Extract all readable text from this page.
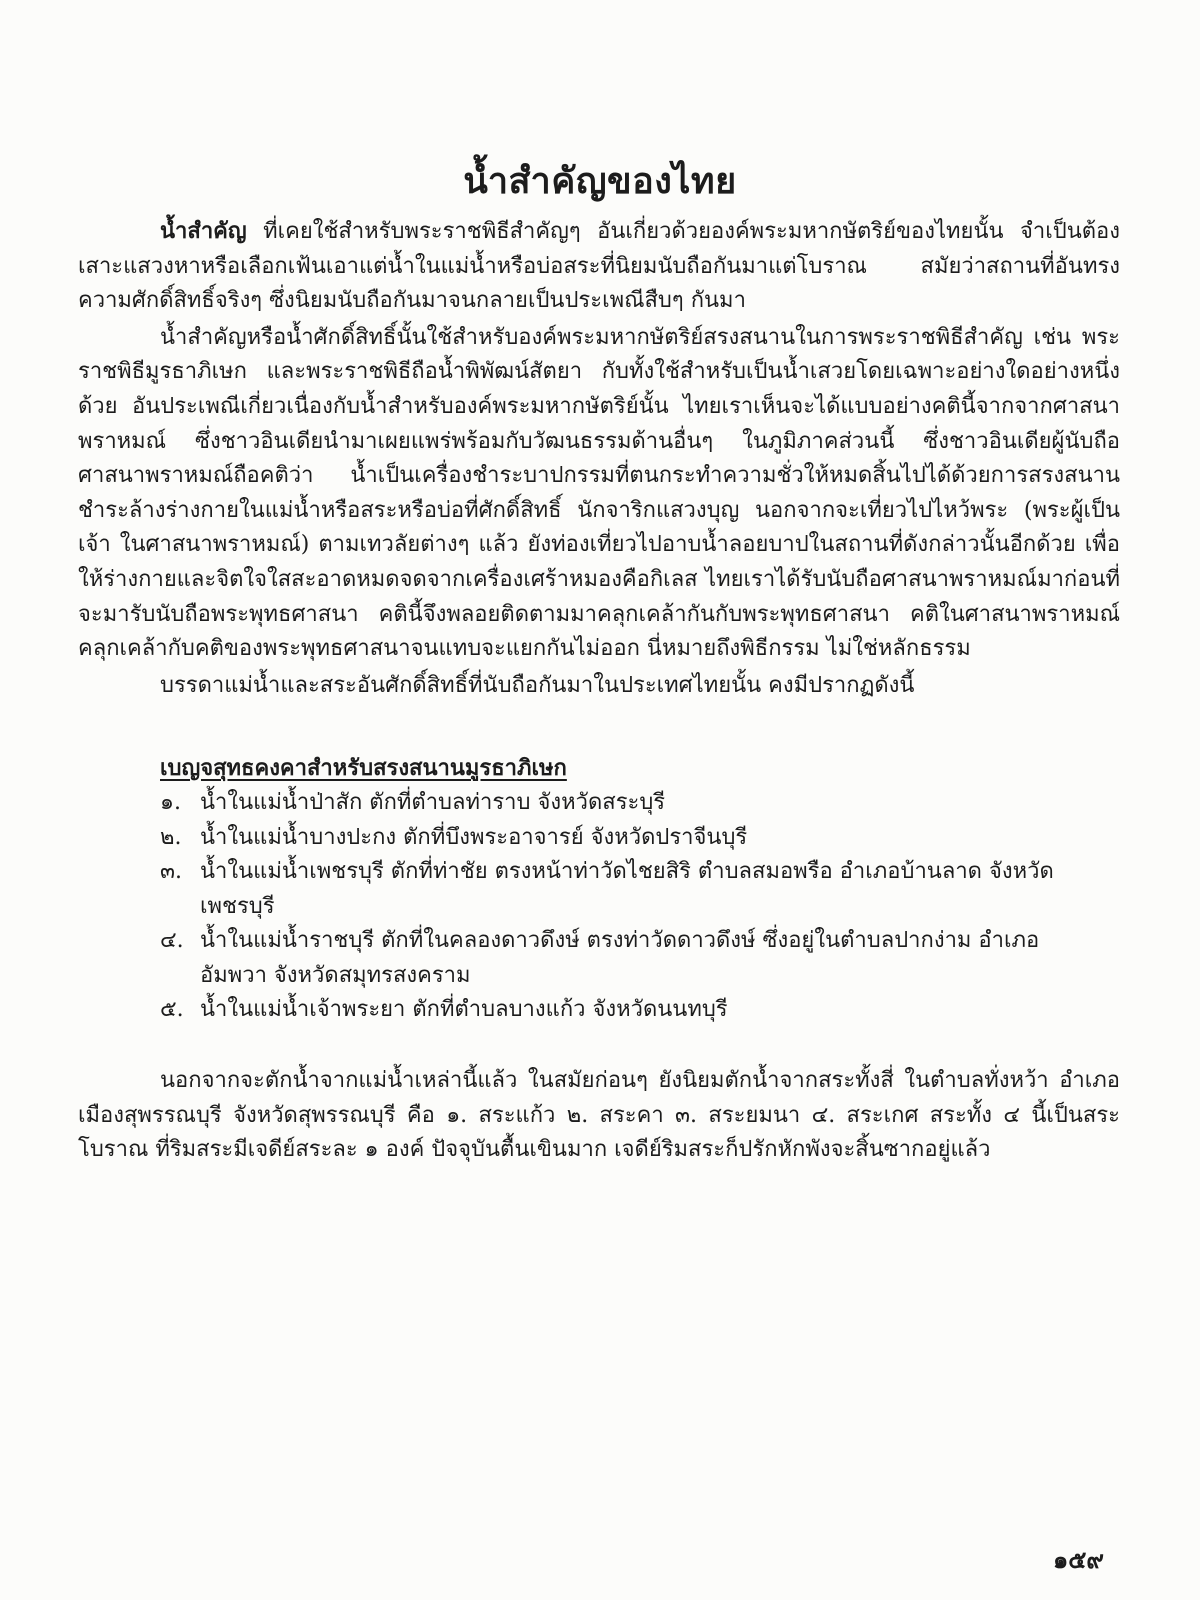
น้ำสำคัญของไทย

น้ำสำคัญ ที่เคยใช้สำหรับพระราชพิธีสำคัญๆ อันเกี่ยวด้วยองค์พระมหากษัตริย์ของไทยนั้น จำเป็นต้องเสาะแสวงหาหรือเลือกเฟ้นเอาแต่น้ำในแม่น้ำหรือบ่อสระที่นิยมนับถือกันมาแต่โบราณ สมัยว่าสถานที่อันทรงความศักดิ์สิทธิ์จริงๆ ซึ่งนิยมนับถือกันมาจนกลายเป็นประเพณีสืบๆ กันมา

น้ำสำคัญหรือน้ำศักดิ์สิทธิ์นั้นใช้สำหรับองค์พระมหากษัตริย์สรงสนานในการพระราชพิธีสำคัญ เช่น พระราชพิธีมูรธาภิเษก และพระราชพิธีถือน้ำพิพัฒน์สัตยา กับทั้งใช้สำหรับเป็นน้ำเสวยโดยเฉพาะอย่างใดอย่างหนึ่งด้วย อันประเพณีเกี่ยวเนื่องกับน้ำสำหรับองค์พระมหากษัตริย์นั้น ไทยเราเห็นจะได้แบบอย่างคตินี้จากจากศาสนาพราหมณ์ ซึ่งชาวอินเดียนำมาเผยแพร่พร้อมกับวัฒนธรรมด้านอื่นๆ ในภูมิภาคส่วนนี้ ซึ่งชาวอินเดียผู้นับถือศาสนาพราหมณ์ถือคติว่า น้ำเป็นเครื่องชำระบาปกรรมที่ตนกระทำความชั่วให้หมดสิ้นไปได้ด้วยการสรงสนานชำระล้างร่างกายในแม่น้ำหรือสระหรือบ่อที่ศักดิ์สิทธิ์ นักจาริกแสวงบุญ นอกจากจะเที่ยวไปไหว้พระ (พระผู้เป็นเจ้า ในศาสนาพราหมณ์) ตามเทวลัยต่างๆ แล้ว ยังท่องเที่ยวไปอาบน้ำลอยบาปในสถานที่ดังกล่าวนั้นอีกด้วย เพื่อให้ร่างกายและจิตใจใสสะอาดหมดจดจากเครื่องเศร้าหมองคือกิเลส ไทยเราได้รับนับถือศาสนาพราหมณ์มาก่อนที่จะมารับนับถือพระพุทธศาสนา คตินี้จึงพลอยติดตามมาคลุกเคล้ากันกับพระพุทธศาสนา คติในศาสนาพราหมณ์คลุกเคล้ากับคติของพระพุทธศาสนาจนแทบจะแยกกันไม่ออก นี่หมายถึงพิธีกรรม ไม่ใช่หลักธรรม

บรรดาแม่น้ำและสระอันศักดิ์สิทธิ์ที่นับถือกันมาในประเทศไทยนั้น คงมีปรากฏดังนี้

เบญจสุทธคงคาสำหรับสรงสนานมูรธาภิเษก
๑. น้ำในแม่น้ำป่าสัก ตักที่ตำบลท่าราบ จังหวัดสระบุรี
๒. น้ำในแม่น้ำบางปะกง ตักที่บึงพระอาจารย์ จังหวัดปราจีนบุรี
๓. น้ำในแม่น้ำเพชรบุรี ตักที่ท่าชัย ตรงหน้าท่าวัดไชยสิริ ตำบลสมอพรือ อำเภอบ้านลาด จังหวัดเพชรบุรี
๔. น้ำในแม่น้ำราชบุรี ตักที่ในคลองดาวดึงษ์ ตรงท่าวัดดาวดึงษ์ ซึ่งอยู่ในตำบลปากง่าม อำเภออัมพวา จังหวัดสมุทรสงคราม
๕. น้ำในแม่น้ำเจ้าพระยา ตักที่ตำบลบางแก้ว จังหวัดนนทบุรี

นอกจากจะตักน้ำจากแม่น้ำเหล่านี้แล้ว ในสมัยก่อนๆ ยังนิยมตักน้ำจากสระทั้งสี่ ในตำบลทั่งหว้า อำเภอเมืองสุพรรณบุรี จังหวัดสุพรรณบุรี คือ ๑. สระแก้ว ๒. สระคา ๓. สระยมนา ๔. สระเกศ สระทั้ง ๔ นี้เป็นสระโบราณ ที่ริมสระมีเจดีย์สระละ ๑ องค์ ปัจจุบันตื้นเขินมาก เจดีย์ริมสระก็ปรักหักพังจะสิ้นซากอยู่แล้ว

๑๕๙
